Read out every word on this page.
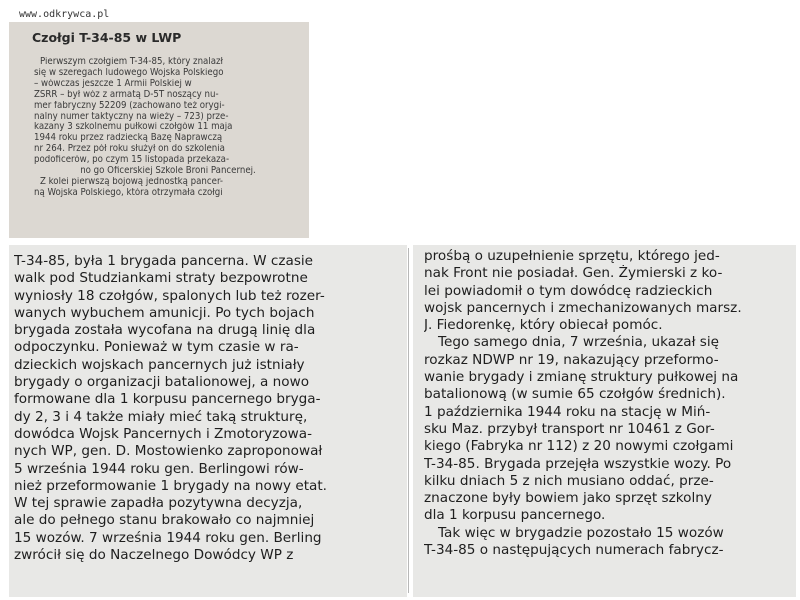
www.odkrywca.pl
Czołgi T-34-85 w LWP
Pierwszym czołgiem T-34-85, który znalazł
się w szeregach ludowego Wojska Polskiego
– wówczas jeszcze 1 Armii Polskiej w
ZSRR – był wóz z armatą D-5T noszący nu-
mer fabryczny 52209 (zachowano też orygi-
nalny numer taktyczny na wieży – 723) prze-
kazany 3 szkolnemu pułkowi czołgów 11 maja
1944 roku przez radziecką Bazę Naprawczą
nr 264. Przez pół roku służył on do szkolenia
podoficerów, po czym 15 listopada przekaza-
no go Oficerskiej Szkole Broni Pancernej.
Z kolei pierwszą bojową jednostką pancer-
ną Wojska Polskiego, która otrzymała czołgi
T-34-85, była 1 brygada pancerna. W czasie
walk pod Studziankami straty bezpowrotne
wyniosły 18 czołgów, spalonych lub też rozer-
wanych wybuchem amunicji. Po tych bojach
brygada została wycofana na drugą linię dla
odpoczynku. Ponieważ w tym czasie w ra-
dzieckich wojskach pancernych już istniały
brygady o organizacji batalionowej, a nowo
formowane dla 1 korpusu pancernego bryga-
dy 2, 3 i 4 także miały mieć taką strukturę,
dowódca Wojsk Pancernych i Zmotoryzowa-
nych WP, gen. D. Mostowienko zaproponował
5 września 1944 roku gen. Berlingowi rów-
nież przeformowanie 1 brygady na nowy etat.
W tej sprawie zapadła pozytywna decyzja,
ale do pełnego stanu brakowało co najmniej
15 wozów. 7 września 1944 roku gen. Berling
zwrócił się do Naczelnego Dowódcy WP z
prośbą o uzupełnienie sprzętu, którego jed-
nak Front nie posiadał. Gen. Żymierski z ko-
lei powiadomił o tym dowódcę radzieckich
wojsk pancernych i zmechanizowanych marsz.
J. Fiedorenkę, który obiecał pomóc.
Tego samego dnia, 7 września, ukazał się
rozkaz NDWP nr 19, nakazujący przeformo-
wanie brygady i zmianę struktury pułkowej na
batalionową (w sumie 65 czołgów średnich).
1 października 1944 roku na stację w Miń-
sku Maz. przybył transport nr 10461 z Gor-
kiego (Fabryka nr 112) z 20 nowymi czołgami
T-34-85. Brygada przejęła wszystkie wozy. Po
kilku dniach 5 z nich musiano oddać, prze-
znaczone były bowiem jako sprzęt szkolny
dla 1 korpusu pancernego.
Tak więc w brygadzie pozostało 15 wozów
T-34-85 o następujących numerach fabrycz-
